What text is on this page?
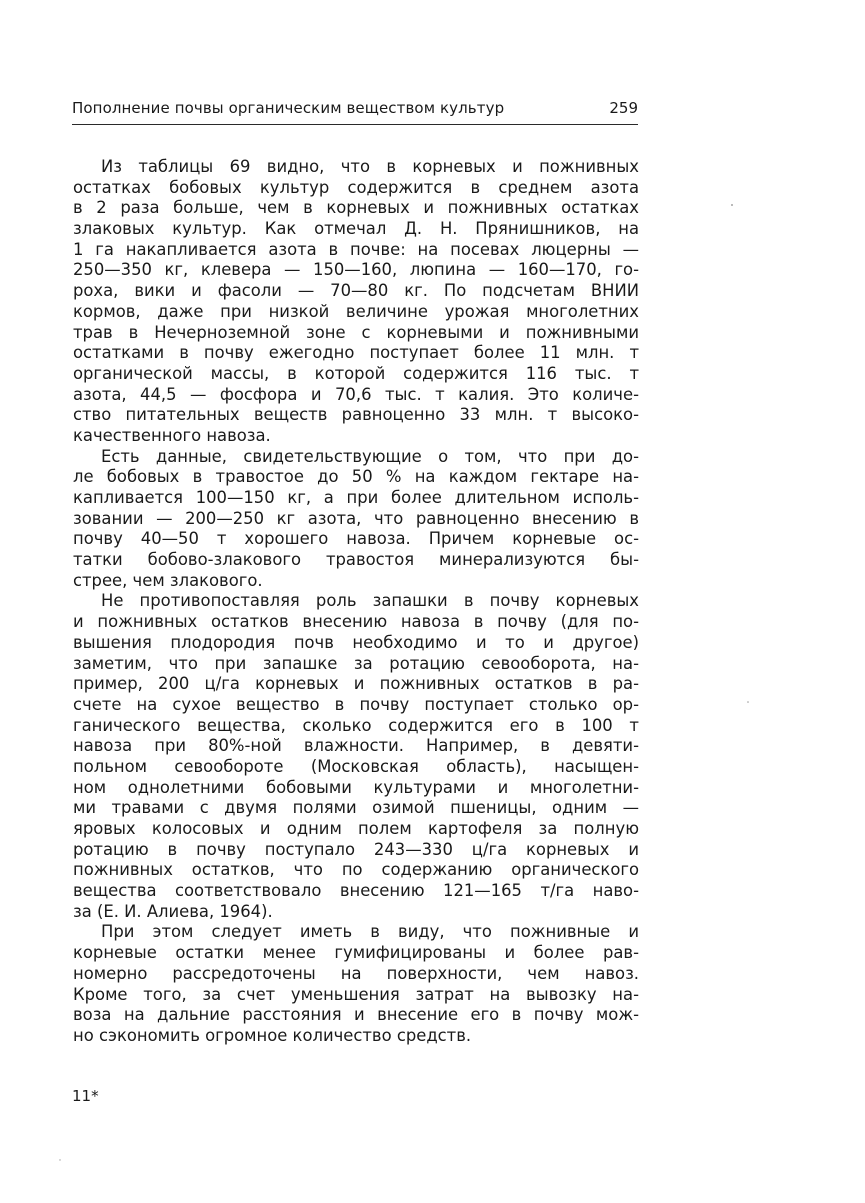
Пополнение почвы органическим веществом культур	259
Из таблицы 69 видно, что в корневых и пожнивных
остатках бобовых культур содержится в среднем азота
в 2 раза больше, чем в корневых и пожнивных остатках
злаковых культур. Как отмечал Д. Н. Прянишников, на
1 га накапливается азота в почве: на посевах люцерны —
250—350 кг, клевера — 150—160, люпина — 160—170, го-
роха, вики и фасоли — 70—80 кг. По подсчетам ВНИИ
кормов, даже при низкой величине урожая многолетних
трав в Нечерноземной зоне с корневыми и пожнивными
остатками в почву ежегодно поступает более 11 млн. т
органической массы, в которой содержится 116 тыс. т
азота, 44,5 — фосфора и 70,6 тыс. т калия. Это количе-
ство питательных веществ равноценно 33 млн. т высоко-
качественного навоза.
Есть данные, свидетельствующие о том, что при до-
ле бобовых в травостое до 50 % на каждом гектаре на-
капливается 100—150 кг, а при более длительном исполь-
зовании — 200—250 кг азота, что равноценно внесению в
почву 40—50 т хорошего навоза. Причем корневые ос-
татки бобово-злакового травостоя минерализуются бы-
стрее, чем злакового.
Не противопоставляя роль запашки в почву корневых
и пожнивных остатков внесению навоза в почву (для по-
вышения плодородия почв необходимо и то и другое)
заметим, что при запашке за ротацию севооборота, на-
пример, 200 ц/га корневых и пожнивных остатков в ра-
счете на сухое вещество в почву поступает столько ор-
ганического вещества, сколько содержится его в 100 т
навоза при 80%-ной влажности. Например, в девяти-
польном севообороте (Московская область), насыщен-
ном однолетними бобовыми культурами и многолетни-
ми травами с двумя полями озимой пшеницы, одним —
яровых колосовых и одним полем картофеля за полную
ротацию в почву поступало 243—330 ц/га корневых и
пожнивных остатков, что по содержанию органического
вещества соответствовало внесению 121—165 т/га наво-
за (Е. И. Алиева, 1964).
При этом следует иметь в виду, что пожнивные и
корневые остатки менее гумифицированы и более рав-
номерно рассредоточены на поверхности, чем навоз.
Кроме того, за счет уменьшения затрат на вывозку на-
воза на дальние расстояния и внесение его в почву мож-
но сэкономить огромное количество средств.
11*
